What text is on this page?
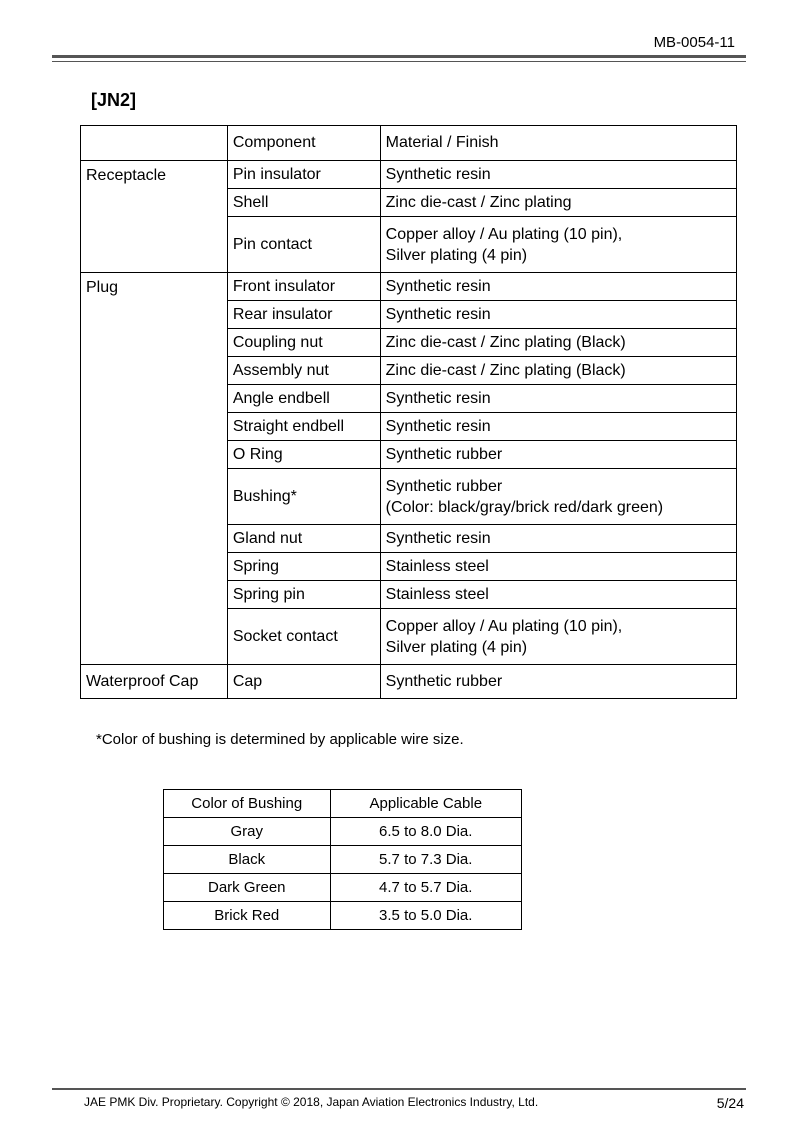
MB-0054-11
[JN2]
	Component	Material / Finish
Receptacle	Pin insulator	Synthetic resin
	Shell	Zinc die-cast / Zinc plating
	Pin contact	Copper alloy / Au plating (10 pin),
Silver plating (4 pin)

Plug	Front insulator	Synthetic resin
	Rear insulator	Synthetic resin
	Coupling nut	Zinc die-cast / Zinc plating (Black)
	Assembly nut	Zinc die-cast / Zinc plating (Black)
	Angle endbell	Synthetic resin
	Straight endbell	Synthetic resin
	O Ring	Synthetic rubber
	Bushing*	Synthetic rubber
(Color: black/gray/brick red/dark green)

	Gland nut	Synthetic resin
	Spring	Stainless steel
	Spring pin	Stainless steel
	Socket contact	Copper alloy / Au plating (10 pin),
Silver plating (4 pin)

Waterproof Cap	Cap	Synthetic rubber
*Color of bushing is determined by applicable wire size.
Color of Bushing	Applicable Cable
Gray	6.5 to 8.0 Dia.
Black	5.7 to 7.3 Dia.
Dark Green	4.7 to 5.7 Dia.
Brick Red	3.5 to 5.0 Dia.
JAE PMK Div. Proprietary. Copyright © 2018, Japan Aviation Electronics Industry, Ltd.	5/24
